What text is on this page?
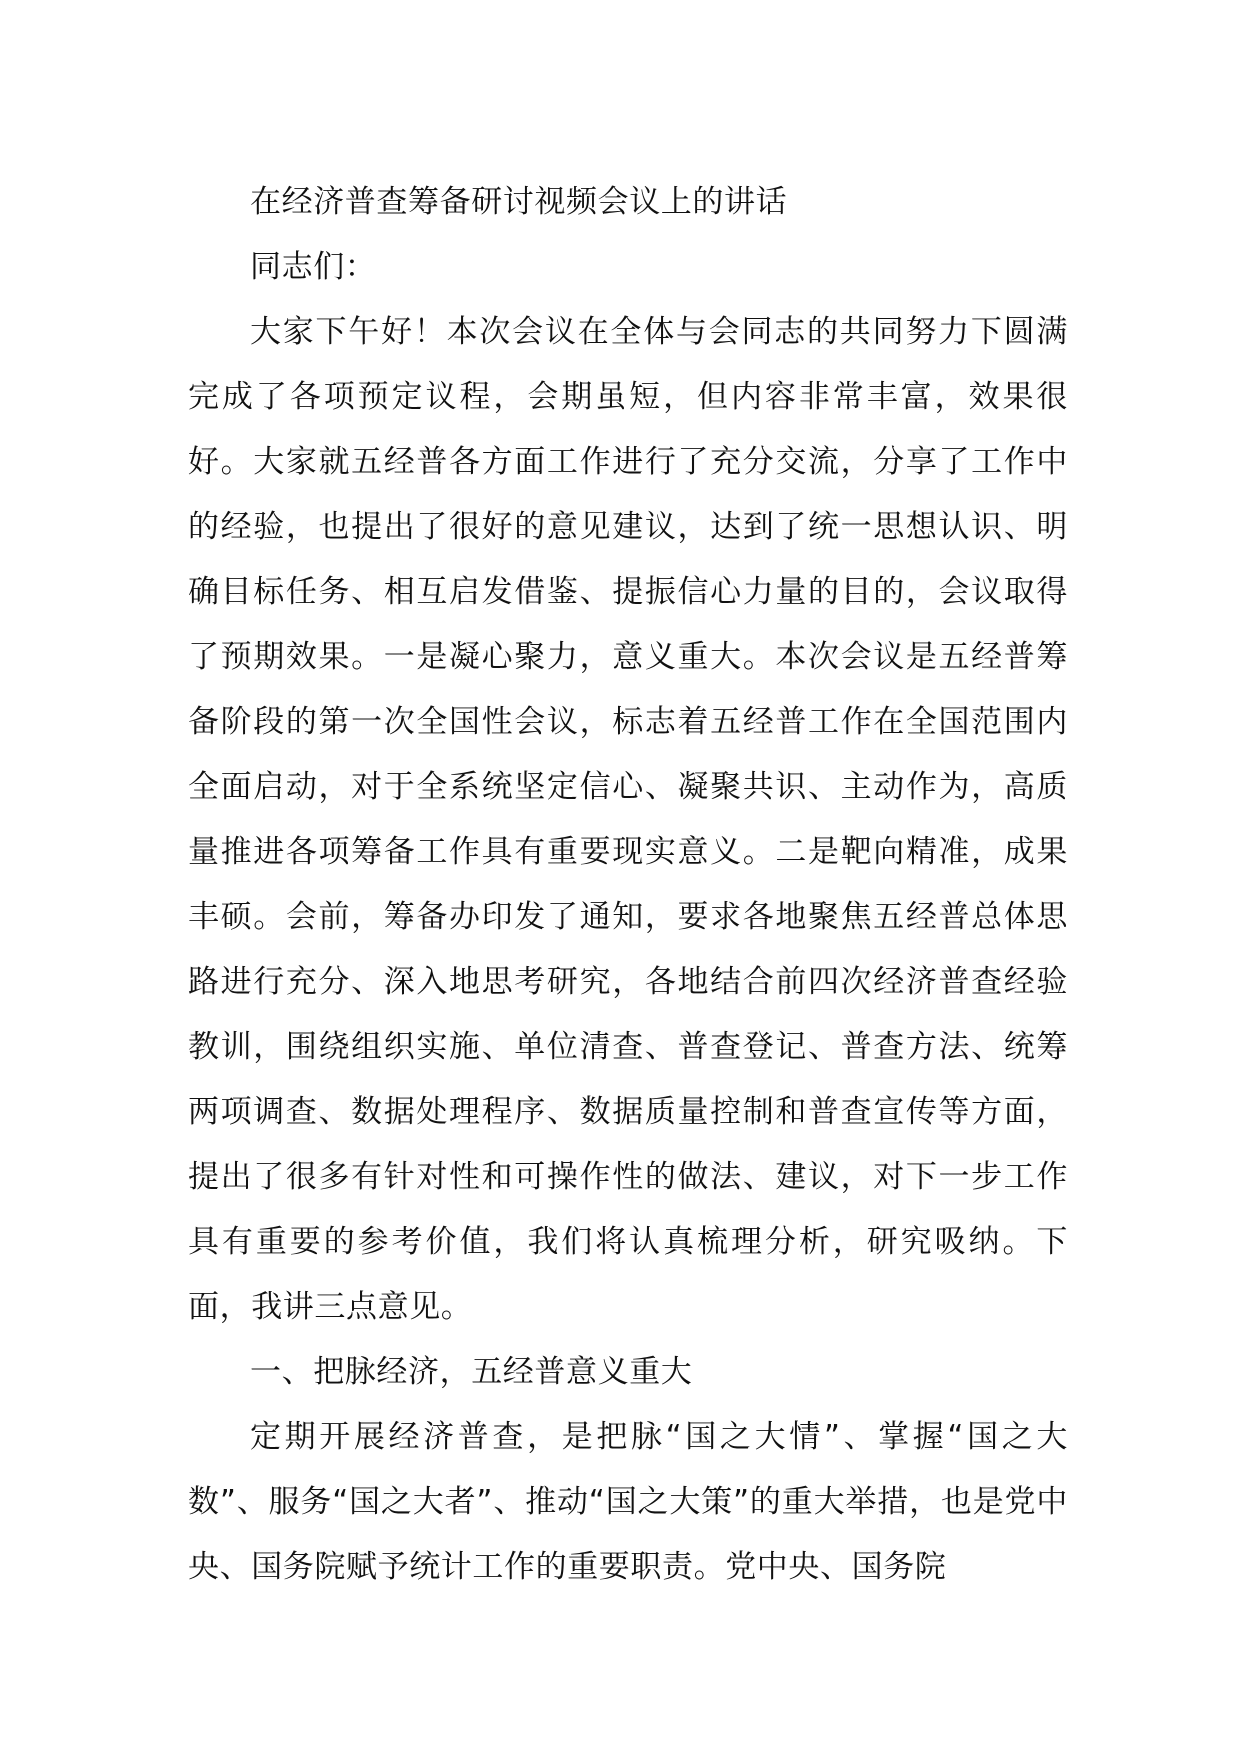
在经济普查筹备研讨视频会议上的讲话

同志们：

大家下午好！本次会议在全体与会同志的共同努力下圆满完成了各项预定议程，会期虽短，但内容非常丰富，效果很好。大家就五经普各方面工作进行了充分交流，分享了工作中的经验，也提出了很好的意见建议，达到了统一思想认识、明确目标任务、相互启发借鉴、提振信心力量的目的，会议取得了预期效果。一是凝心聚力，意义重大。本次会议是五经普筹备阶段的第一次全国性会议，标志着五经普工作在全国范围内全面启动，对于全系统坚定信心、凝聚共识、主动作为，高质量推进各项筹备工作具有重要现实意义。二是靶向精准，成果丰硕。会前，筹备办印发了通知，要求各地聚焦五经普总体思路进行充分、深入地思考研究，各地结合前四次经济普查经验教训，围绕组织实施、单位清查、普查登记、普查方法、统筹两项调查、数据处理程序、数据质量控制和普查宣传等方面，提出了很多有针对性和可操作性的做法、建议，对下一步工作具有重要的参考价值，我们将认真梳理分析，研究吸纳。下面，我讲三点意见。

一、把脉经济，五经普意义重大

定期开展经济普查，是把脉“国之大情”、掌握“国之大数”、服务“国之大者”、推动“国之大策”的重大举措，也是党中央、国务院赋予统计工作的重要职责。党中央、国务院
